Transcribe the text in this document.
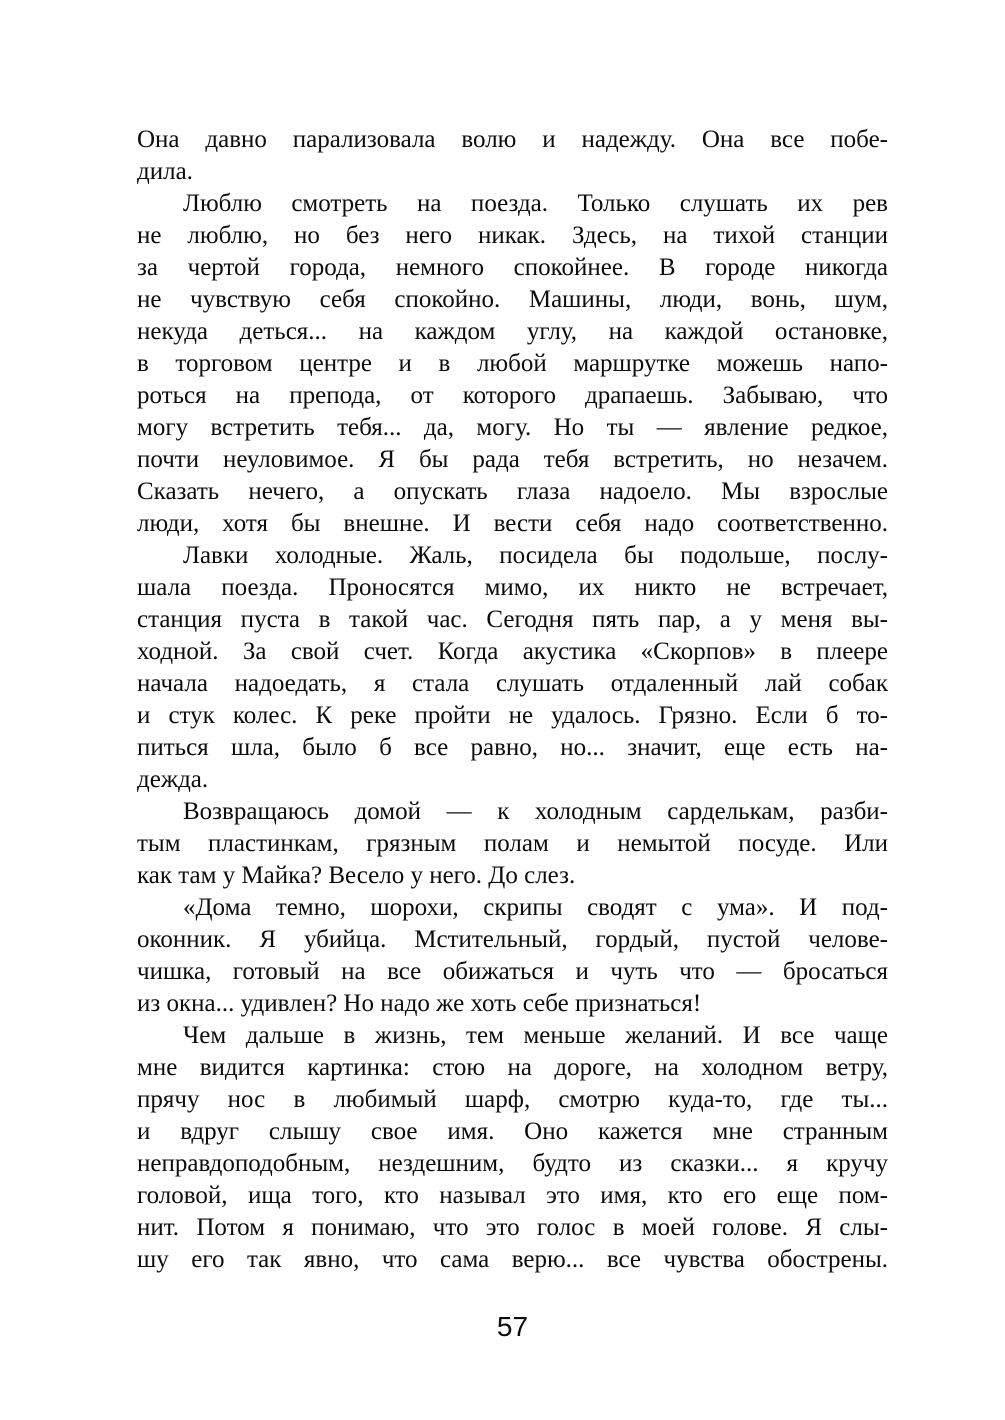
Она давно парализовала волю и надежду. Она все побе-
дила.
Люблю смотреть на поезда. Только слушать их рев
не люблю, но без него никак. Здесь, на тихой станции
за чертой города, немного спокойнее. В городе никогда
не чувствую себя спокойно. Машины, люди, вонь, шум,
некуда деться... на каждом углу, на каждой остановке,
в торговом центре и в любой маршрутке можешь напо-
роться на препода, от которого драпаешь. Забываю, что
могу встретить тебя... да, могу. Но ты — явление редкое,
почти неуловимое. Я бы рада тебя встретить, но незачем.
Сказать нечего, а опускать глаза надоело. Мы взрослые
люди, хотя бы внешне. И вести себя надо соответственно.
Лавки холодные. Жаль, посидела бы подольше, послу-
шала поезда. Проносятся мимо, их никто не встречает,
станция пуста в такой час. Сегодня пять пар, а у меня вы-
ходной. За свой счет. Когда акустика «Скорпов» в плеере
начала надоедать, я стала слушать отдаленный лай собак
и стук колес. К реке пройти не удалось. Грязно. Если б то-
питься шла, было б все равно, но... значит, еще есть на-
дежда.
Возвращаюсь домой — к холодным сарделькам, разби-
тым пластинкам, грязным полам и немытой посуде. Или
как там у Майка? Весело у него. До слез.
«Дома темно, шорохи, скрипы сводят с ума». И под-
оконник. Я убийца. Мстительный, гордый, пустой челове-
чишка, готовый на все обижаться и чуть что — бросаться
из окна... удивлен? Но надо же хоть себе признаться!
Чем дальше в жизнь, тем меньше желаний. И все чаще
мне видится картинка: стою на дороге, на холодном ветру,
прячу нос в любимый шарф, смотрю куда-то, где ты...
и вдруг слышу свое имя. Оно кажется мне странным
неправдоподобным, нездешним, будто из сказки... я кручу
головой, ища того, кто называл это имя, кто его еще пом-
нит. Потом я понимаю, что это голос в моей голове. Я слы-
шу его так явно, что сама верю... все чувства обострены.
57
